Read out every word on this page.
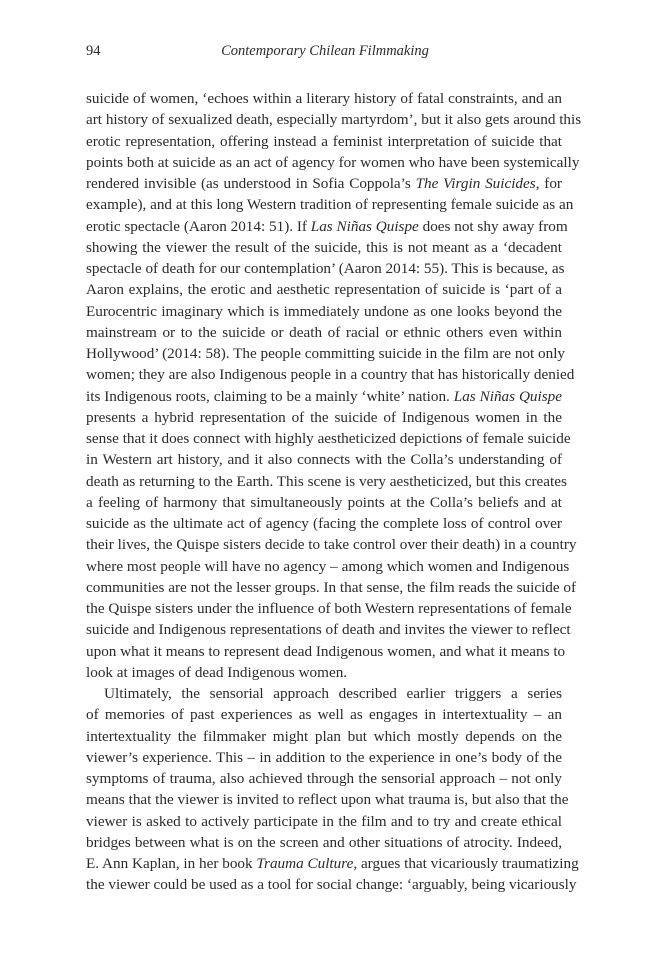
94	Contemporary Chilean Filmmaking
suicide of women, ‘echoes within a literary history of fatal constraints, and an
art history of sexualized death, especially martyrdom’, but it also gets around this
erotic representation, offering instead a feminist interpretation of suicide that
points both at suicide as an act of agency for women who have been systemically
rendered invisible (as understood in Sofia Coppola’s The Virgin Suicides, for
example), and at this long Western tradition of representing female suicide as an
erotic spectacle (Aaron 2014: 51). If Las Niñas Quispe does not shy away from
showing the viewer the result of the suicide, this is not meant as a ‘decadent
spectacle of death for our contemplation’ (Aaron 2014: 55). This is because, as
Aaron explains, the erotic and aesthetic representation of suicide is ‘part of a
Eurocentric imaginary which is immediately undone as one looks beyond the
mainstream or to the suicide or death of racial or ethnic others even within
Hollywood’ (2014: 58). The people committing suicide in the film are not only
women; they are also Indigenous people in a country that has historically denied
its Indigenous roots, claiming to be a mainly ‘white’ nation. Las Niñas Quispe
presents a hybrid representation of the suicide of Indigenous women in the
sense that it does connect with highly aestheticized depictions of female suicide
in Western art history, and it also connects with the Colla’s understanding of
death as returning to the Earth. This scene is very aestheticized, but this creates
a feeling of harmony that simultaneously points at the Colla’s beliefs and at
suicide as the ultimate act of agency (facing the complete loss of control over
their lives, the Quispe sisters decide to take control over their death) in a country
where most people will have no agency – among which women and Indigenous
communities are not the lesser groups. In that sense, the film reads the suicide of
the Quispe sisters under the influence of both Western representations of female
suicide and Indigenous representations of death and invites the viewer to reflect
upon what it means to represent dead Indigenous women, and what it means to
look at images of dead Indigenous women.
Ultimately, the sensorial approach described earlier triggers a series
of memories of past experiences as well as engages in intertextuality – an
intertextuality the filmmaker might plan but which mostly depends on the
viewer’s experience. This – in addition to the experience in one’s body of the
symptoms of trauma, also achieved through the sensorial approach – not only
means that the viewer is invited to reflect upon what trauma is, but also that the
viewer is asked to actively participate in the film and to try and create ethical
bridges between what is on the screen and other situations of atrocity. Indeed,
E. Ann Kaplan, in her book Trauma Culture, argues that vicariously traumatizing
the viewer could be used as a tool for social change: ‘arguably, being vicariously
